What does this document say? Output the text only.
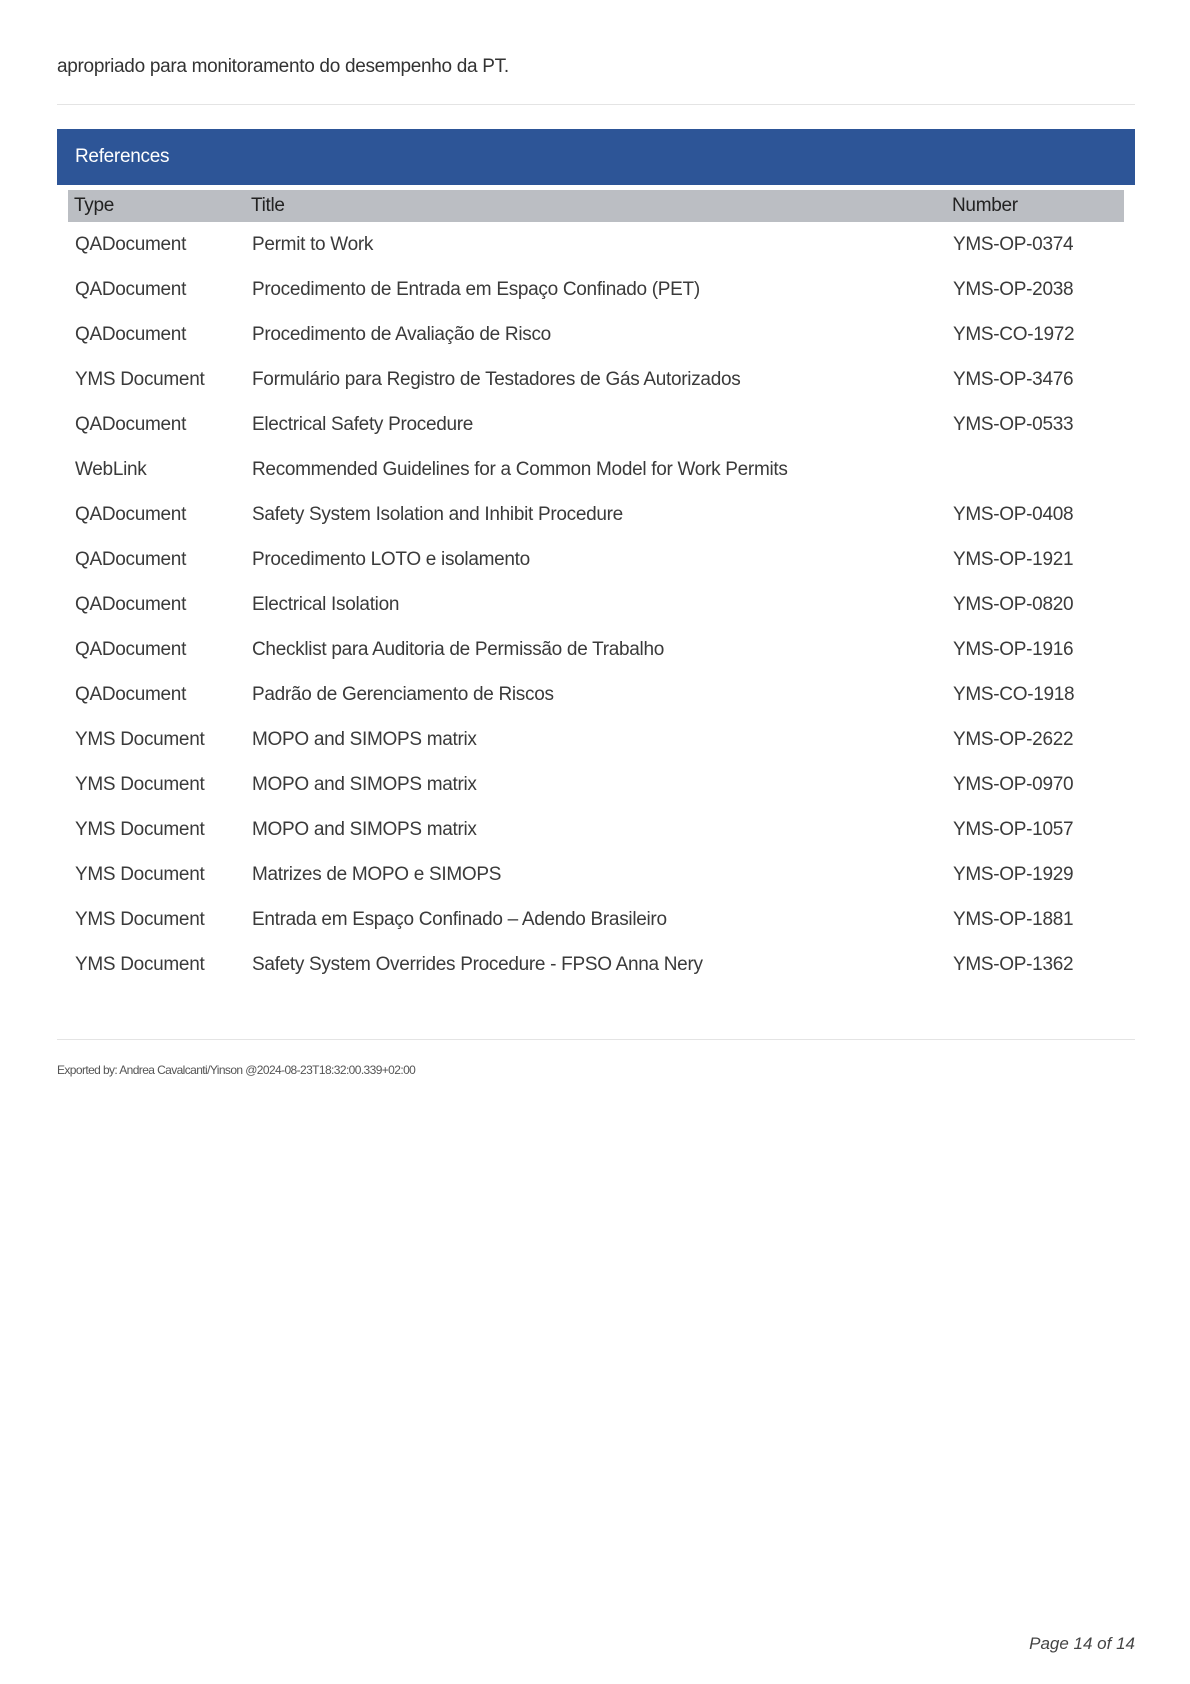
apropriado para monitoramento do desempenho da PT.
References
Type	Title	Number
QADocument	Permit to Work	YMS-OP-0374
QADocument	Procedimento de Entrada em Espaço Confinado (PET)	YMS-OP-2038
QADocument	Procedimento de Avaliação de Risco	YMS-CO-1972
YMS Document	Formulário para Registro de Testadores de Gás Autorizados	YMS-OP-3476
QADocument	Electrical Safety Procedure	YMS-OP-0533
WebLink	Recommended Guidelines for a Common Model for Work Permits	
QADocument	Safety System Isolation and Inhibit Procedure	YMS-OP-0408
QADocument	Procedimento LOTO e isolamento	YMS-OP-1921
QADocument	Electrical Isolation	YMS-OP-0820
QADocument	Checklist para Auditoria de Permissão de Trabalho	YMS-OP-1916
QADocument	Padrão de Gerenciamento de Riscos	YMS-CO-1918
YMS Document	MOPO and SIMOPS matrix	YMS-OP-2622
YMS Document	MOPO and SIMOPS matrix	YMS-OP-0970
YMS Document	MOPO and SIMOPS matrix	YMS-OP-1057
YMS Document	Matrizes de MOPO e SIMOPS	YMS-OP-1929
YMS Document	Entrada em Espaço Confinado – Adendo Brasileiro	YMS-OP-1881
YMS Document	Safety System Overrides Procedure - FPSO Anna Nery	YMS-OP-1362
Exported by: Andrea Cavalcanti/Yinson @2024-08-23T18:32:00.339+02:00
Page 14 of 14
